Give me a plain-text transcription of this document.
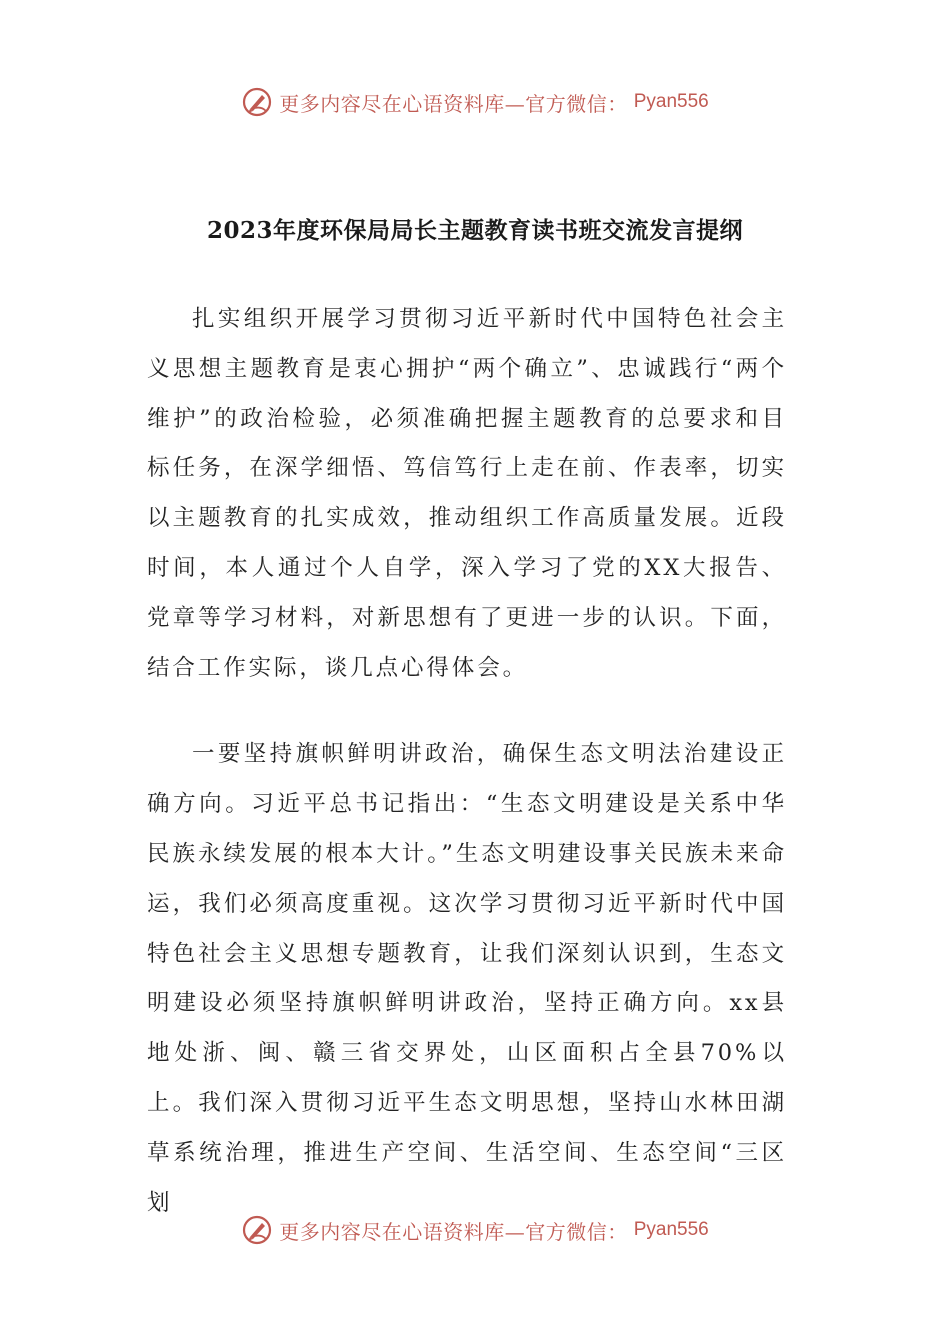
更多内容尽在心语资料库—官方微信： Pyan556
2023年度环保局局长主题教育读书班交流发言提纲

扎实组织开展学习贯彻习近平新时代中国特色社会主义思想主题教育是衷心拥护“两个确立”、忠诚践行“两个维护”的政治检验，必须准确把握主题教育的总要求和目标任务，在深学细悟、笃信笃行上走在前、作表率，切实以主题教育的扎实成效，推动组织工作高质量发展。近段时间，本人通过个人自学，深入学习了党的XX大报告、党章等学习材料，对新思想有了更进一步的认识。下面，结合工作实际，谈几点心得体会。

一要坚持旗帜鲜明讲政治，确保生态文明法治建设正确方向。习近平总书记指出：“生态文明建设是关系中华民族永续发展的根本大计。”生态文明建设事关民族未来命运，我们必须高度重视。这次学习贯彻习近平新时代中国特色社会主义思想专题教育，让我们深刻认识到，生态文明建设必须坚持旗帜鲜明讲政治，坚持正确方向。xx县地处浙、闽、赣三省交界处，山区面积占全县70%以上。我们深入贯彻习近平生态文明思想，坚持山水林田湖草系统治理，推进生产空间、生活空间、生态空间“三区划

更多内容尽在心语资料库—官方微信： Pyan556
